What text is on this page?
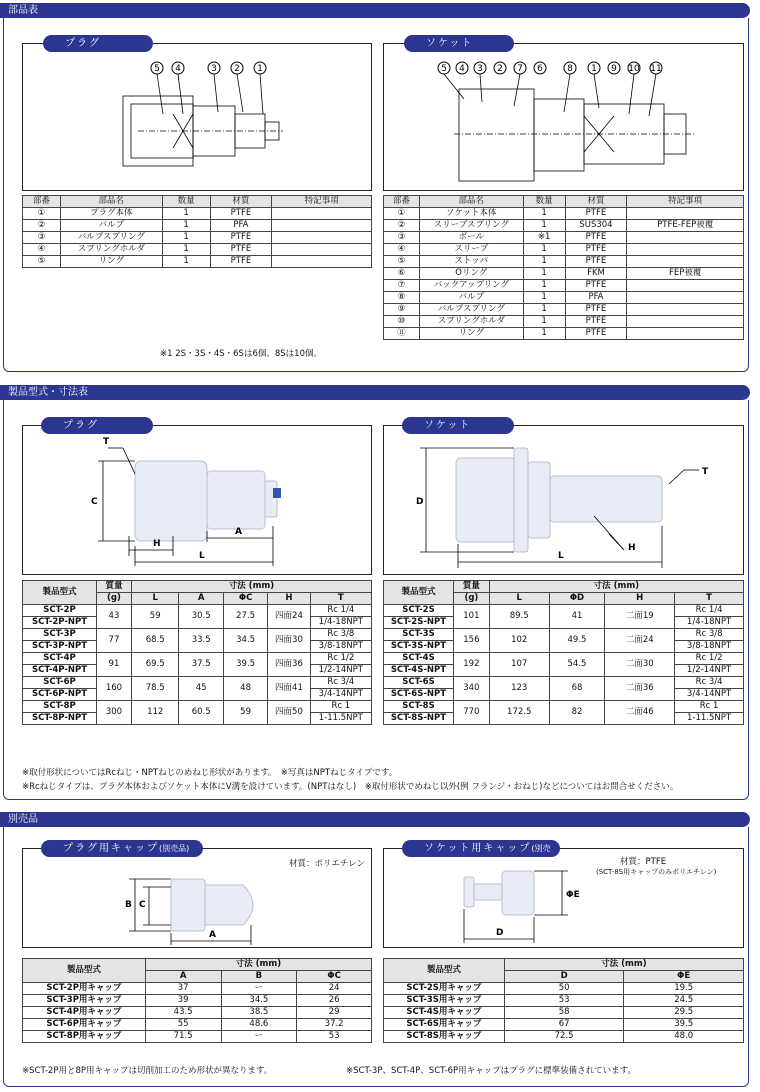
部品表
5 4	3 2 1
プラグ
5 4 3 2 7 6	8 1 9 10 11
ソケット
部番	部品名	数量	材質	特記事項
①	プラグ本体	1	PTFE	
②	バルブ	1	PFA	
③	バルブスプリング	1	PTFE	
④	スプリングホルダ	1	PTFE	
⑤	リング	1	PTFE	
部番	部品名	数量	材質	特記事項
①	ソケット本体	1	PTFE	
②	スリーブスプリング	1	SUS304	PTFE-FEP被覆
③	ボール	※1	PTFE	
④	スリーブ	1	PTFE	
⑤	ストッパ	1	PTFE	
⑥	Oリング	1	FKM	FEP被覆
⑦	バックアップリング	1	PTFE	
⑧	バルブ	1	PFA	
⑨	バルブスプリング	1	PTFE	
⑩	スプリングホルダ	1	PTFE	
⑪	リング	1	PTFE	
※1 2S・3S・4S・6Sは6個、8Sは10個。
製品型式・寸法表
T
C
H
A
L
プラグ
D
T
H
L
ソケット
製品型式	質量	寸法 (mm)				
	(g)	L	A	ΦC	H	T
SCT-2P	43	59	30.5	27.5	四面24	Rc 1/4
SCT-2P-NPT						1/4-18NPT
SCT-3P	77	68.5	33.5	34.5	四面30	Rc 3/8
SCT-3P-NPT						3/8-18NPT
SCT-4P	91	69.5	37.5	39.5	四面36	Rc 1/2
SCT-4P-NPT						1/2-14NPT
SCT-6P	160	78.5	45	48	四面41	Rc 3/4
SCT-6P-NPT						3/4-14NPT
SCT-8P	300	112	60.5	59	四面50	Rc 1
SCT-8P-NPT						1-11.5NPT
製品型式	質量	寸法 (mm)			
	(g)	L	ΦD	H	T
SCT-2S	101	89.5	41	二面19	Rc 1/4
SCT-2S-NPT					1/4-18NPT
SCT-3S	156	102	49.5	二面24	Rc 3/8
SCT-3S-NPT					3/8-18NPT
SCT-4S	192	107	54.5	二面30	Rc 1/2
SCT-4S-NPT					1/2-14NPT
SCT-6S	340	123	68	二面36	Rc 3/4
SCT-6S-NPT					3/4-14NPT
SCT-8S	770	172.5	82	二面46	Rc 1
SCT-8S-NPT					1-11.5NPT
※取付形状についてはRcねじ・NPTねじのめねじ形状があります。　※写真はNPTねじタイプです。
※Rcねじタイプは、プラグ本体およびソケット本体にV溝を設けています。(NPTはなし)　※取付形状でめねじ以外(例 フランジ・おねじ)などについてはお問合せください。
別売品
B C
A
プラグ用キャップ(別売品)
材質：ポリエチレン
ΦE
D
ソケット用キャップ(別売品)	材質：PTFE
(SCT-8S用キャップのみポリエチレン)
製品型式	寸法 (mm)		
	A	B	ΦC
SCT-2P用キャップ	37	ー	24
SCT-3P用キャップ	39	34.5	26
SCT-4P用キャップ	43.5	38.5	29
SCT-6P用キャップ	55	48.6	37.2
SCT-8P用キャップ	71.5	ー	53
製品型式	寸法 (mm)	
	D	ΦE
SCT-2S用キャップ	50	19.5
SCT-3S用キャップ	53	24.5
SCT-4S用キャップ	58	29.5
SCT-6S用キャップ	67	39.5
SCT-8S用キャップ	72.5	48.0
※SCT-2P用と8P用キャップは切削加工のため形状が異なります。	※SCT-3P、SCT-4P、SCT-6P用キャップはプラグに標準装備されています。
